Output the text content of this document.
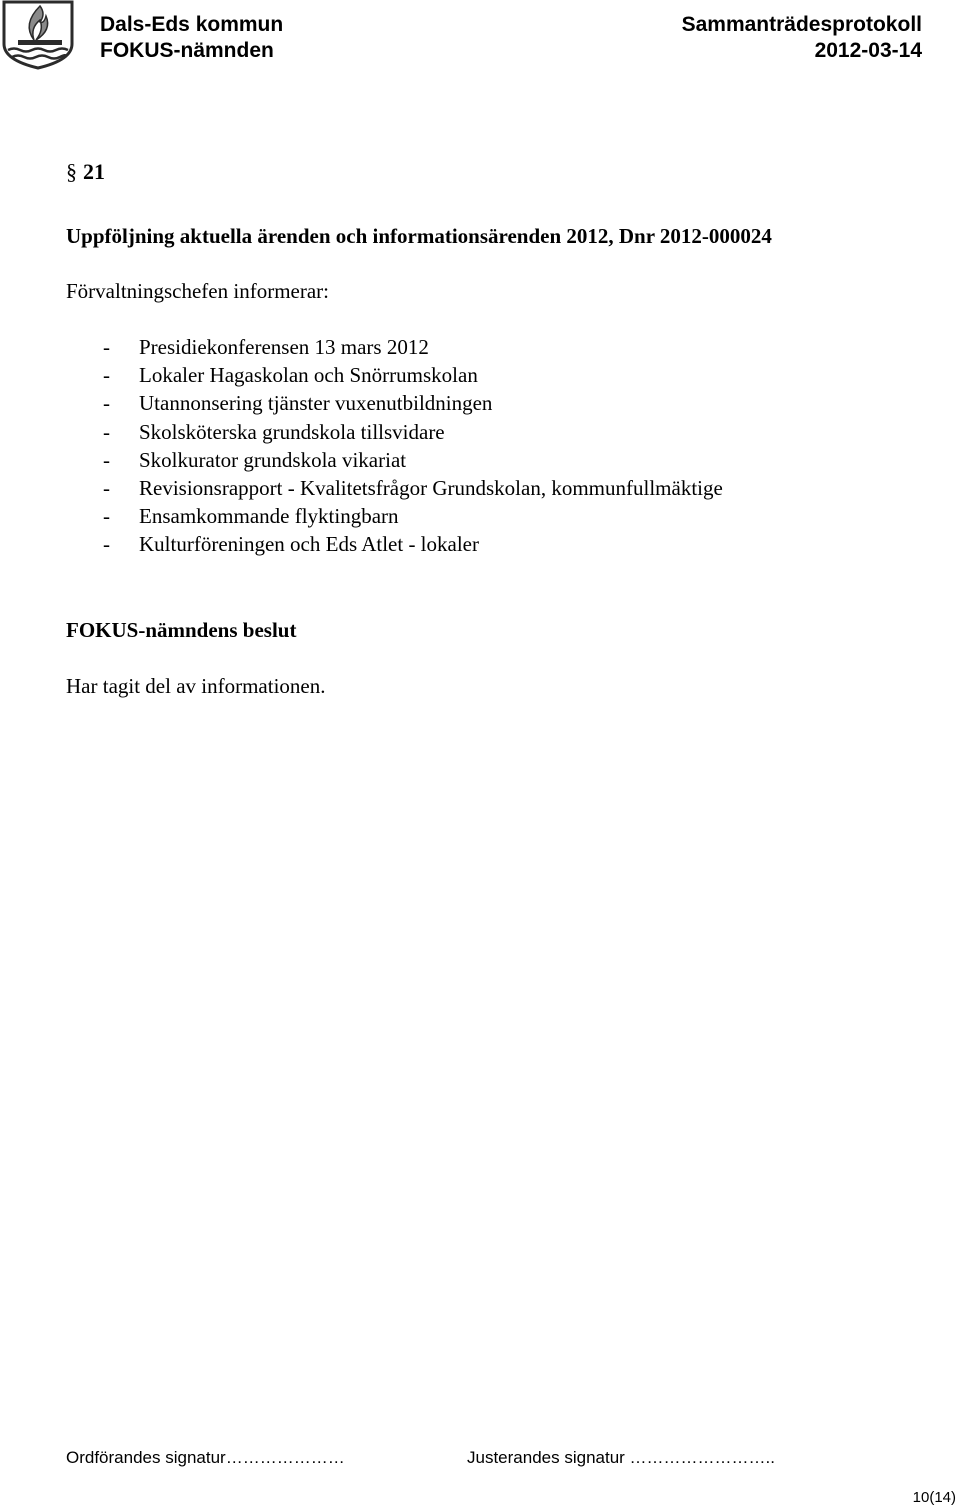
Dals-Eds kommun
FOKUS-nämnden
Sammanträdesprotokoll
2012-03-14
§ 21
Uppföljning aktuella ärenden och informationsärenden 2012, Dnr 2012-000024
Förvaltningschefen informerar:
- Presidiekonferensen 13 mars 2012
- Lokaler Hagaskolan och Snörrumskolan
- Utannonsering tjänster vuxenutbildningen
- Skolsköterska grundskola tillsvidare
- Skolkurator grundskola vikariat
- Revisionsrapport - Kvalitetsfrågor Grundskolan, kommunfullmäktige
- Ensamkommande flyktingbarn
- Kulturföreningen och Eds Atlet - lokaler
FOKUS-nämndens beslut
Har tagit del av informationen.
Ordförandes signatur…………………	Justerandes signatur ……………………..
10(14)
